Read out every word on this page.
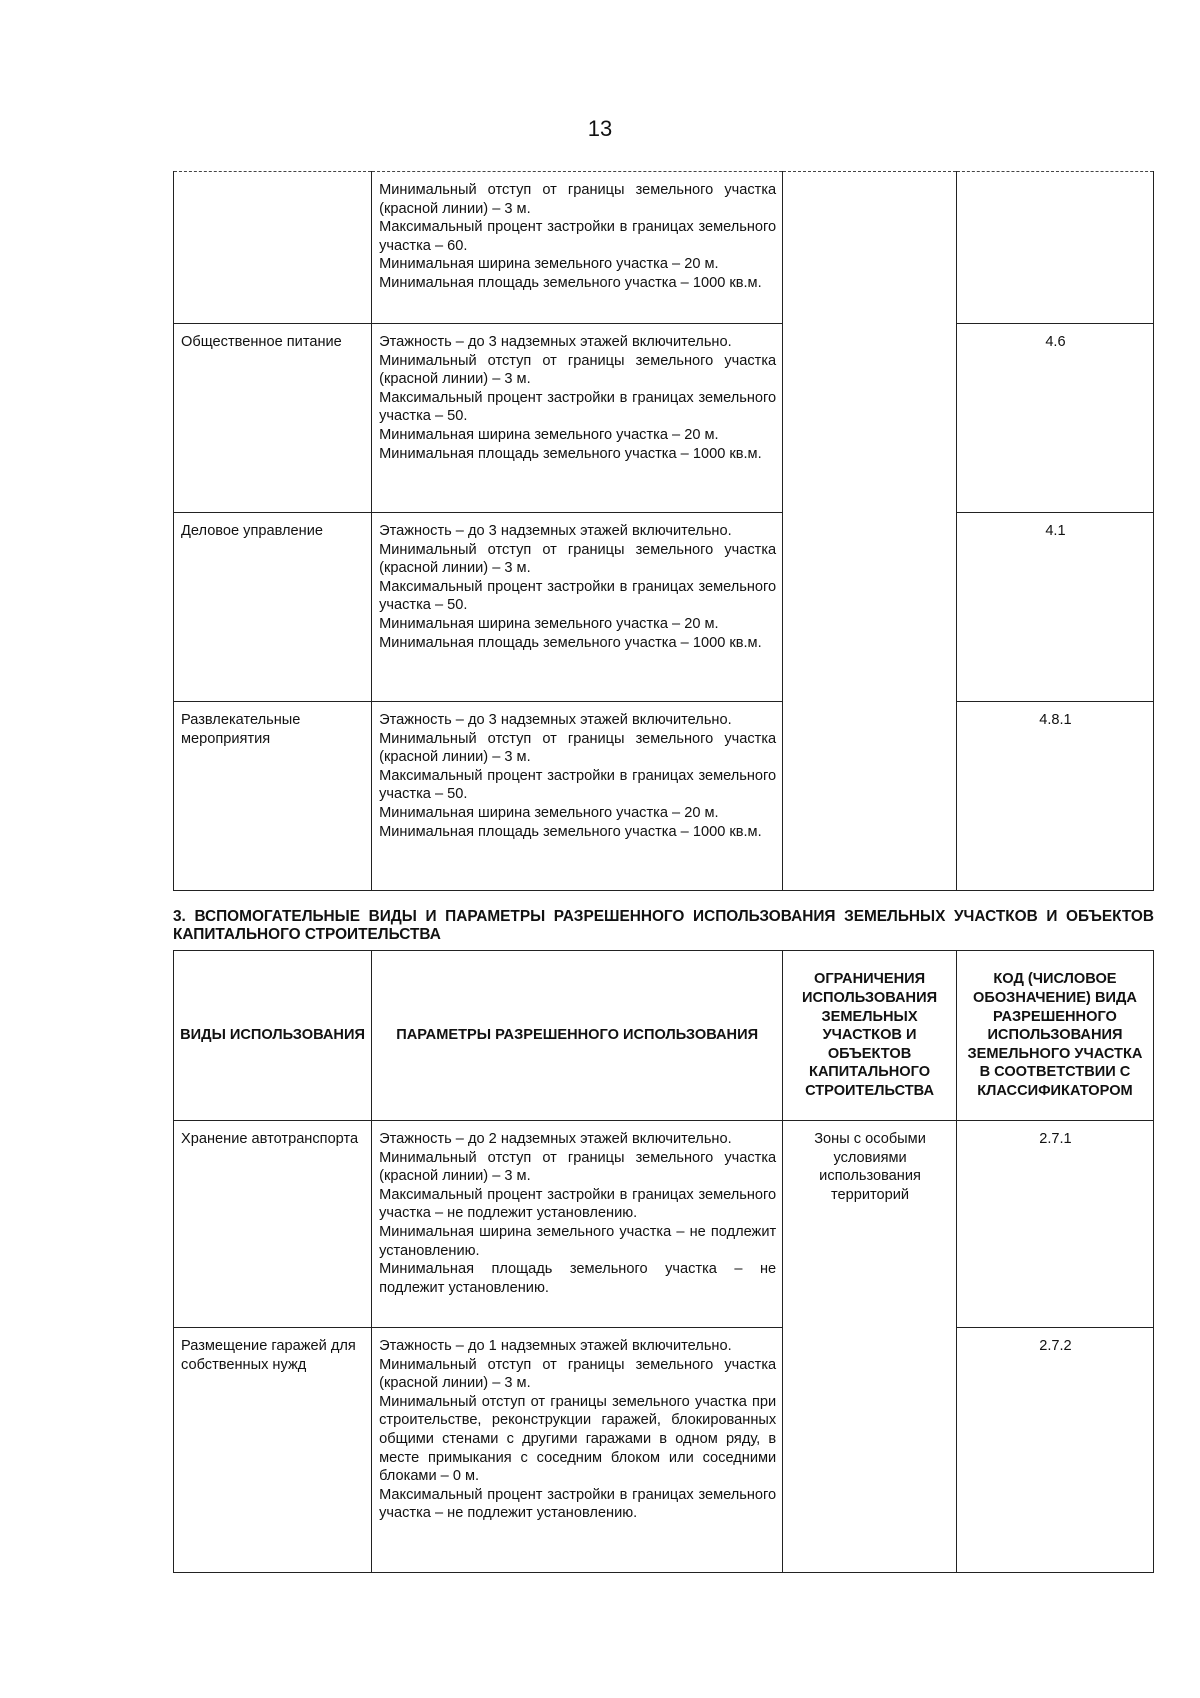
13

	Минимальный отступ от границы земельного участка (красной линии) – 3 м.
Максимальный процент застройки в границах земельного участка – 60.
Минимальная ширина земельного участка – 20 м.
Минимальная площадь земельного участка – 1000 кв.м.		

Общественное питание	Этажность – до 3 надземных этажей включительно.
Минимальный отступ от границы земельного участка (красной линии) – 3 м.
Максимальный процент застройки в границах земельного участка – 50.
Минимальная ширина земельного участка – 20 м.
Минимальная площадь земельного участка – 1000 кв.м.		4.6
Деловое управление	Этажность – до 3 надземных этажей включительно.
Минимальный отступ от границы земельного участка (красной линии) – 3 м.
Максимальный процент застройки в границах земельного участка – 50.
Минимальная ширина земельного участка – 20 м.
Минимальная площадь земельного участка – 1000 кв.м.		4.1
Развлекательные мероприятия	Этажность – до 3 надземных этажей включительно.
Минимальный отступ от границы земельного участка (красной линии) – 3 м.
Максимальный процент застройки в границах земельного участка – 50.
Минимальная ширина земельного участка – 20 м.
Минимальная площадь земельного участка – 1000 кв.м.		4.8.1
3. ВСПОМОГАТЕЛЬНЫЕ ВИДЫ И ПАРАМЕТРЫ РАЗРЕШЕННОГО ИСПОЛЬЗОВАНИЯ ЗЕМЕЛЬНЫХ УЧАСТКОВ И ОБЪЕКТОВ КАПИТАЛЬНОГО СТРОИТЕЛЬСТВА
ВИДЫ ИСПОЛЬЗОВАНИЯ	ПАРАМЕТРЫ РАЗРЕШЕННОГО ИСПОЛЬЗОВАНИЯ	ОГРАНИЧЕНИЯ ИСПОЛЬЗОВАНИЯ ЗЕМЕЛЬНЫХ УЧАСТКОВ И ОБЪЕКТОВ КАПИТАЛЬНОГО СТРОИТЕЛЬСТВА	КОД (ЧИСЛОВОЕ ОБОЗНАЧЕНИЕ) ВИДА РАЗРЕШЕННОГО ИСПОЛЬЗОВАНИЯ ЗЕМЕЛЬНОГО УЧАСТКА В СООТВЕТСТВИИ С КЛАССИФИКАТОРОМ
Хранение автотранспорта	Этажность – до 2 надземных этажей включительно.
Минимальный отступ от границы земельного участка (красной линии) – 3 м.
Максимальный процент застройки в границах земельного участка – не подлежит установлению.
Минимальная ширина земельного участка – не подлежит установлению.
Минимальная площадь земельного участка – не подлежит установлению.	Зоны с особыми условиями использования территорий	2.7.1
Размещение гаражей для собственных нужд	Этажность – до 1 надземных этажей включительно.
Минимальный отступ от границы земельного участка (красной линии) – 3 м.
Минимальный отступ от границы земельного участка при строительстве, реконструкции гаражей, блокированных общими стенами с другими гаражами в одном ряду, в месте примыкания с соседним блоком или соседними блоками – 0 м.
Максимальный процент застройки в границах земельного участка – не подлежит установлению.		2.7.2
